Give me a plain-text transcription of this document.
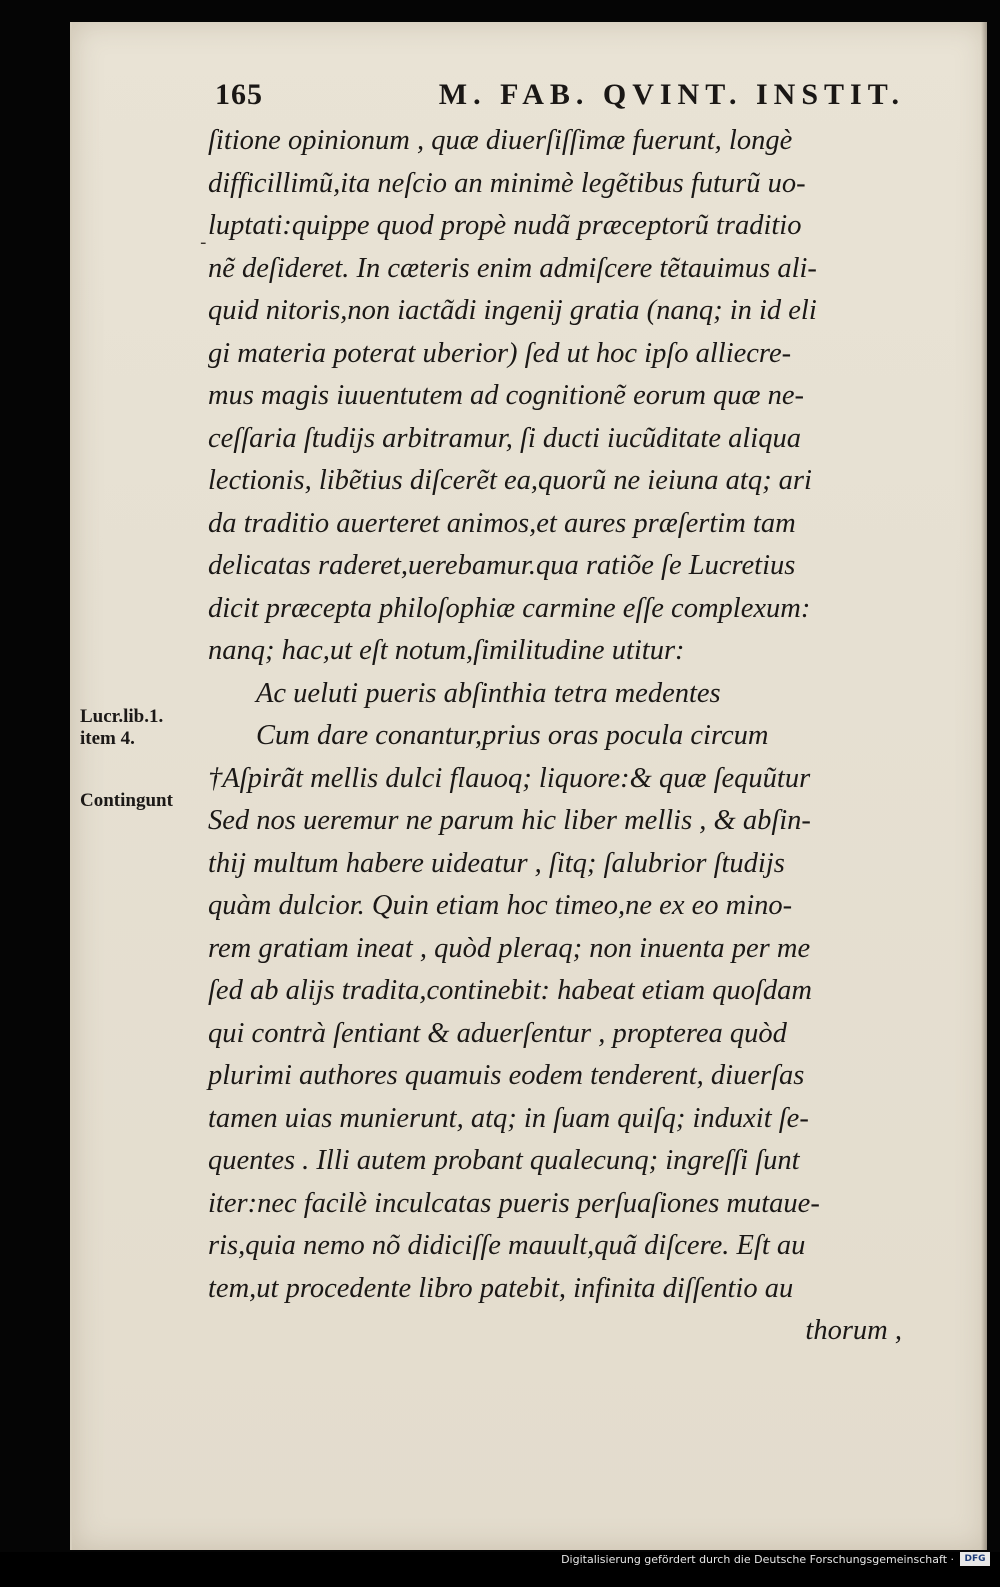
165	M. FAB. QVINT. INSTIT.
ſitione opinionum , quæ diuerſiſſimæ fuerunt, longè
difficillimũ,ita neſcio an minimè legẽtibus futurũ uo-
luptati:quippe quod propè nudã præceptorũ traditio
nẽ deſideret. In cæteris enim admiſcere tẽtauimus ali-
quid nitoris,non iactãdi ingenij gratia (nanq; in id eli
gi materia poterat uberior) ſed ut hoc ipſo alliecre-
mus magis iuuentutem ad cognitionẽ eorum quæ ne-
ceſſaria ſtudijs arbitramur, ſi ducti iucũditate aliqua
lectionis, libẽtius diſcerẽt ea,quorũ ne ieiuna atq; ari
da traditio auerteret animos,et aures præſertim tam
delicatas raderet,uerebamur.qua ratiõe ſe Lucretius
dicit præcepta philoſophiæ carmine eſſe complexum:
nanq; hac,ut eſt notum,ſimilitudine utitur:
Ac ueluti pueris abſinthia tetra medentes
Cum dare conantur,prius oras pocula circum
†Aſpirãt mellis dulci flauoq; liquore:& quæ ſequũtur
Sed nos ueremur ne parum hic liber mellis , & abſin-
thij multum habere uideatur , ſitq; ſalubrior ſtudijs
quàm dulcior. Quin etiam hoc timeo,ne ex eo mino-
rem gratiam ineat , quòd pleraq; non inuenta per me
ſed ab alijs tradita,continebit: habeat etiam quoſdam
qui contrà ſentiant & aduerſentur , propterea quòd
plurimi authores quamuis eodem tenderent, diuerſas
tamen uias munierunt, atq; in ſuam quiſq; induxit ſe-
quentes . Illi autem probant qualecunq; ingreſſi ſunt
iter:nec facilè inculcatas pueris perſuaſiones mutaue-
ris,quia nemo nõ didiciſſe mauult,quã diſcere. Eſt au
tem,ut procedente libro patebit, infinita diſſentio au
thorum ,
Lucr.lib.1.
item 4.
Contingunt
-
Digitalisierung gefördert durch die Deutsche Forschungsgemeinschaft ·	DFG
